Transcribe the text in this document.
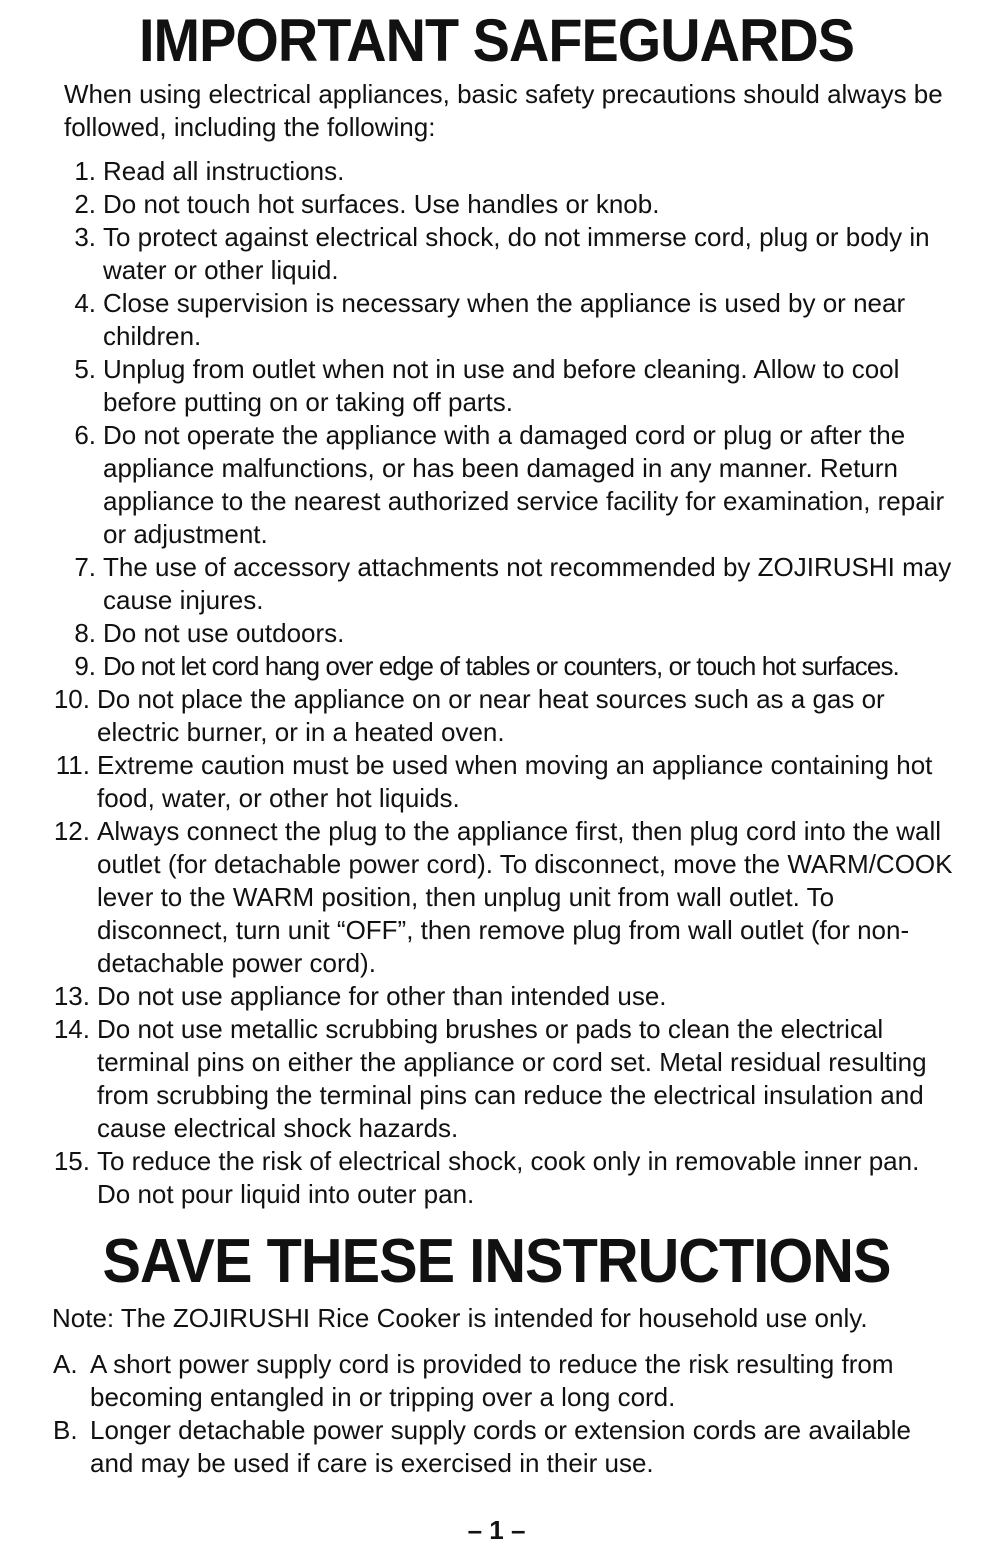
IMPORTANT SAFEGUARDS
When using electrical appliances, basic safety precautions should always be followed, including the following:
1. Read all instructions.
2. Do not touch hot surfaces. Use handles or knob.
3. To protect against electrical shock, do not immerse cord, plug or body in water or other liquid.
4. Close supervision is necessary when the appliance is used by or near children.
5. Unplug from outlet when not in use and before cleaning. Allow to cool before putting on or taking off parts.
6. Do not operate the appliance with a damaged cord or plug or after the appliance malfunctions, or has been damaged in any manner. Return appliance to the nearest authorized service facility for examination, repair or adjustment.
7. The use of accessory attachments not recommended by ZOJIRUSHI may cause injures.
8. Do not use outdoors.
9. Do not let cord hang over edge of tables or counters, or touch hot surfaces.
10. Do not place the appliance on or near heat sources such as a gas or electric burner, or in a heated oven.
11. Extreme caution must be used when moving an appliance containing hot food, water, or other hot liquids.
12. Always connect the plug to the appliance first, then plug cord into the wall outlet (for detachable power cord). To disconnect, move the WARM/COOK lever to the WARM position, then unplug unit from wall outlet. To disconnect, turn unit “OFF”, then remove plug from wall outlet (for non-detachable power cord).
13. Do not use appliance for other than intended use.
14. Do not use metallic scrubbing brushes or pads to clean the electrical terminal pins on either the appliance or cord set. Metal residual resulting from scrubbing the terminal pins can reduce the electrical insulation and cause electrical shock hazards.
15. To reduce the risk of electrical shock, cook only in removable inner pan. Do not pour liquid into outer pan.
SAVE THESE INSTRUCTIONS
Note: The ZOJIRUSHI Rice Cooker is intended for household use only.
A. A short power supply cord is provided to reduce the risk resulting from becoming entangled in or tripping over a long cord.
B. Longer detachable power supply cords or extension cords are available and may be used if care is exercised in their use.
– 1 –
